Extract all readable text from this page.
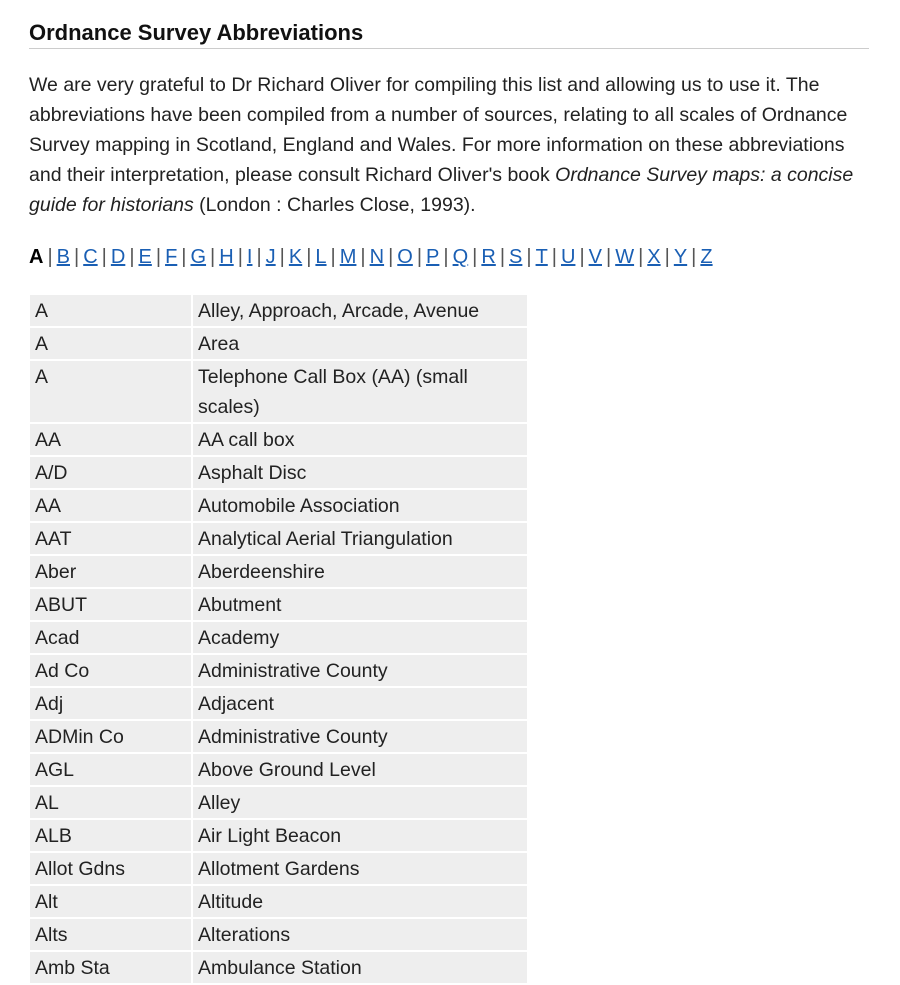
Ordnance Survey Abbreviations

We are very grateful to Dr Richard Oliver for compiling this list and allowing us to use it. The abbreviations have been compiled from a number of sources, relating to all scales of Ordnance Survey mapping in Scotland, England and Wales. For more information on these abbreviations and their interpretation, please consult Richard Oliver's book Ordnance Survey maps: a concise guide for historians (London : Charles Close, 1993).

A | B | C | D | E | F | G | H | I | J | K | L | M | N | O | P | Q | R | S | T | U | V | W | X | Y | Z
A	Alley, Approach, Arcade, Avenue
A	Area
A	Telephone Call Box (AA) (small scales)
AA	AA call box
A/D	Asphalt Disc
AA	Automobile Association
AAT	Analytical Aerial Triangulation
Aber	Aberdeenshire
ABUT	Abutment
Acad	Academy
Ad Co	Administrative County
Adj	Adjacent
ADMin Co	Administrative County
AGL	Above Ground Level
AL	Alley
ALB	Air Light Beacon
Allot Gdns	Allotment Gardens
Alt	Altitude
Alts	Alterations
Amb Sta	Ambulance Station
